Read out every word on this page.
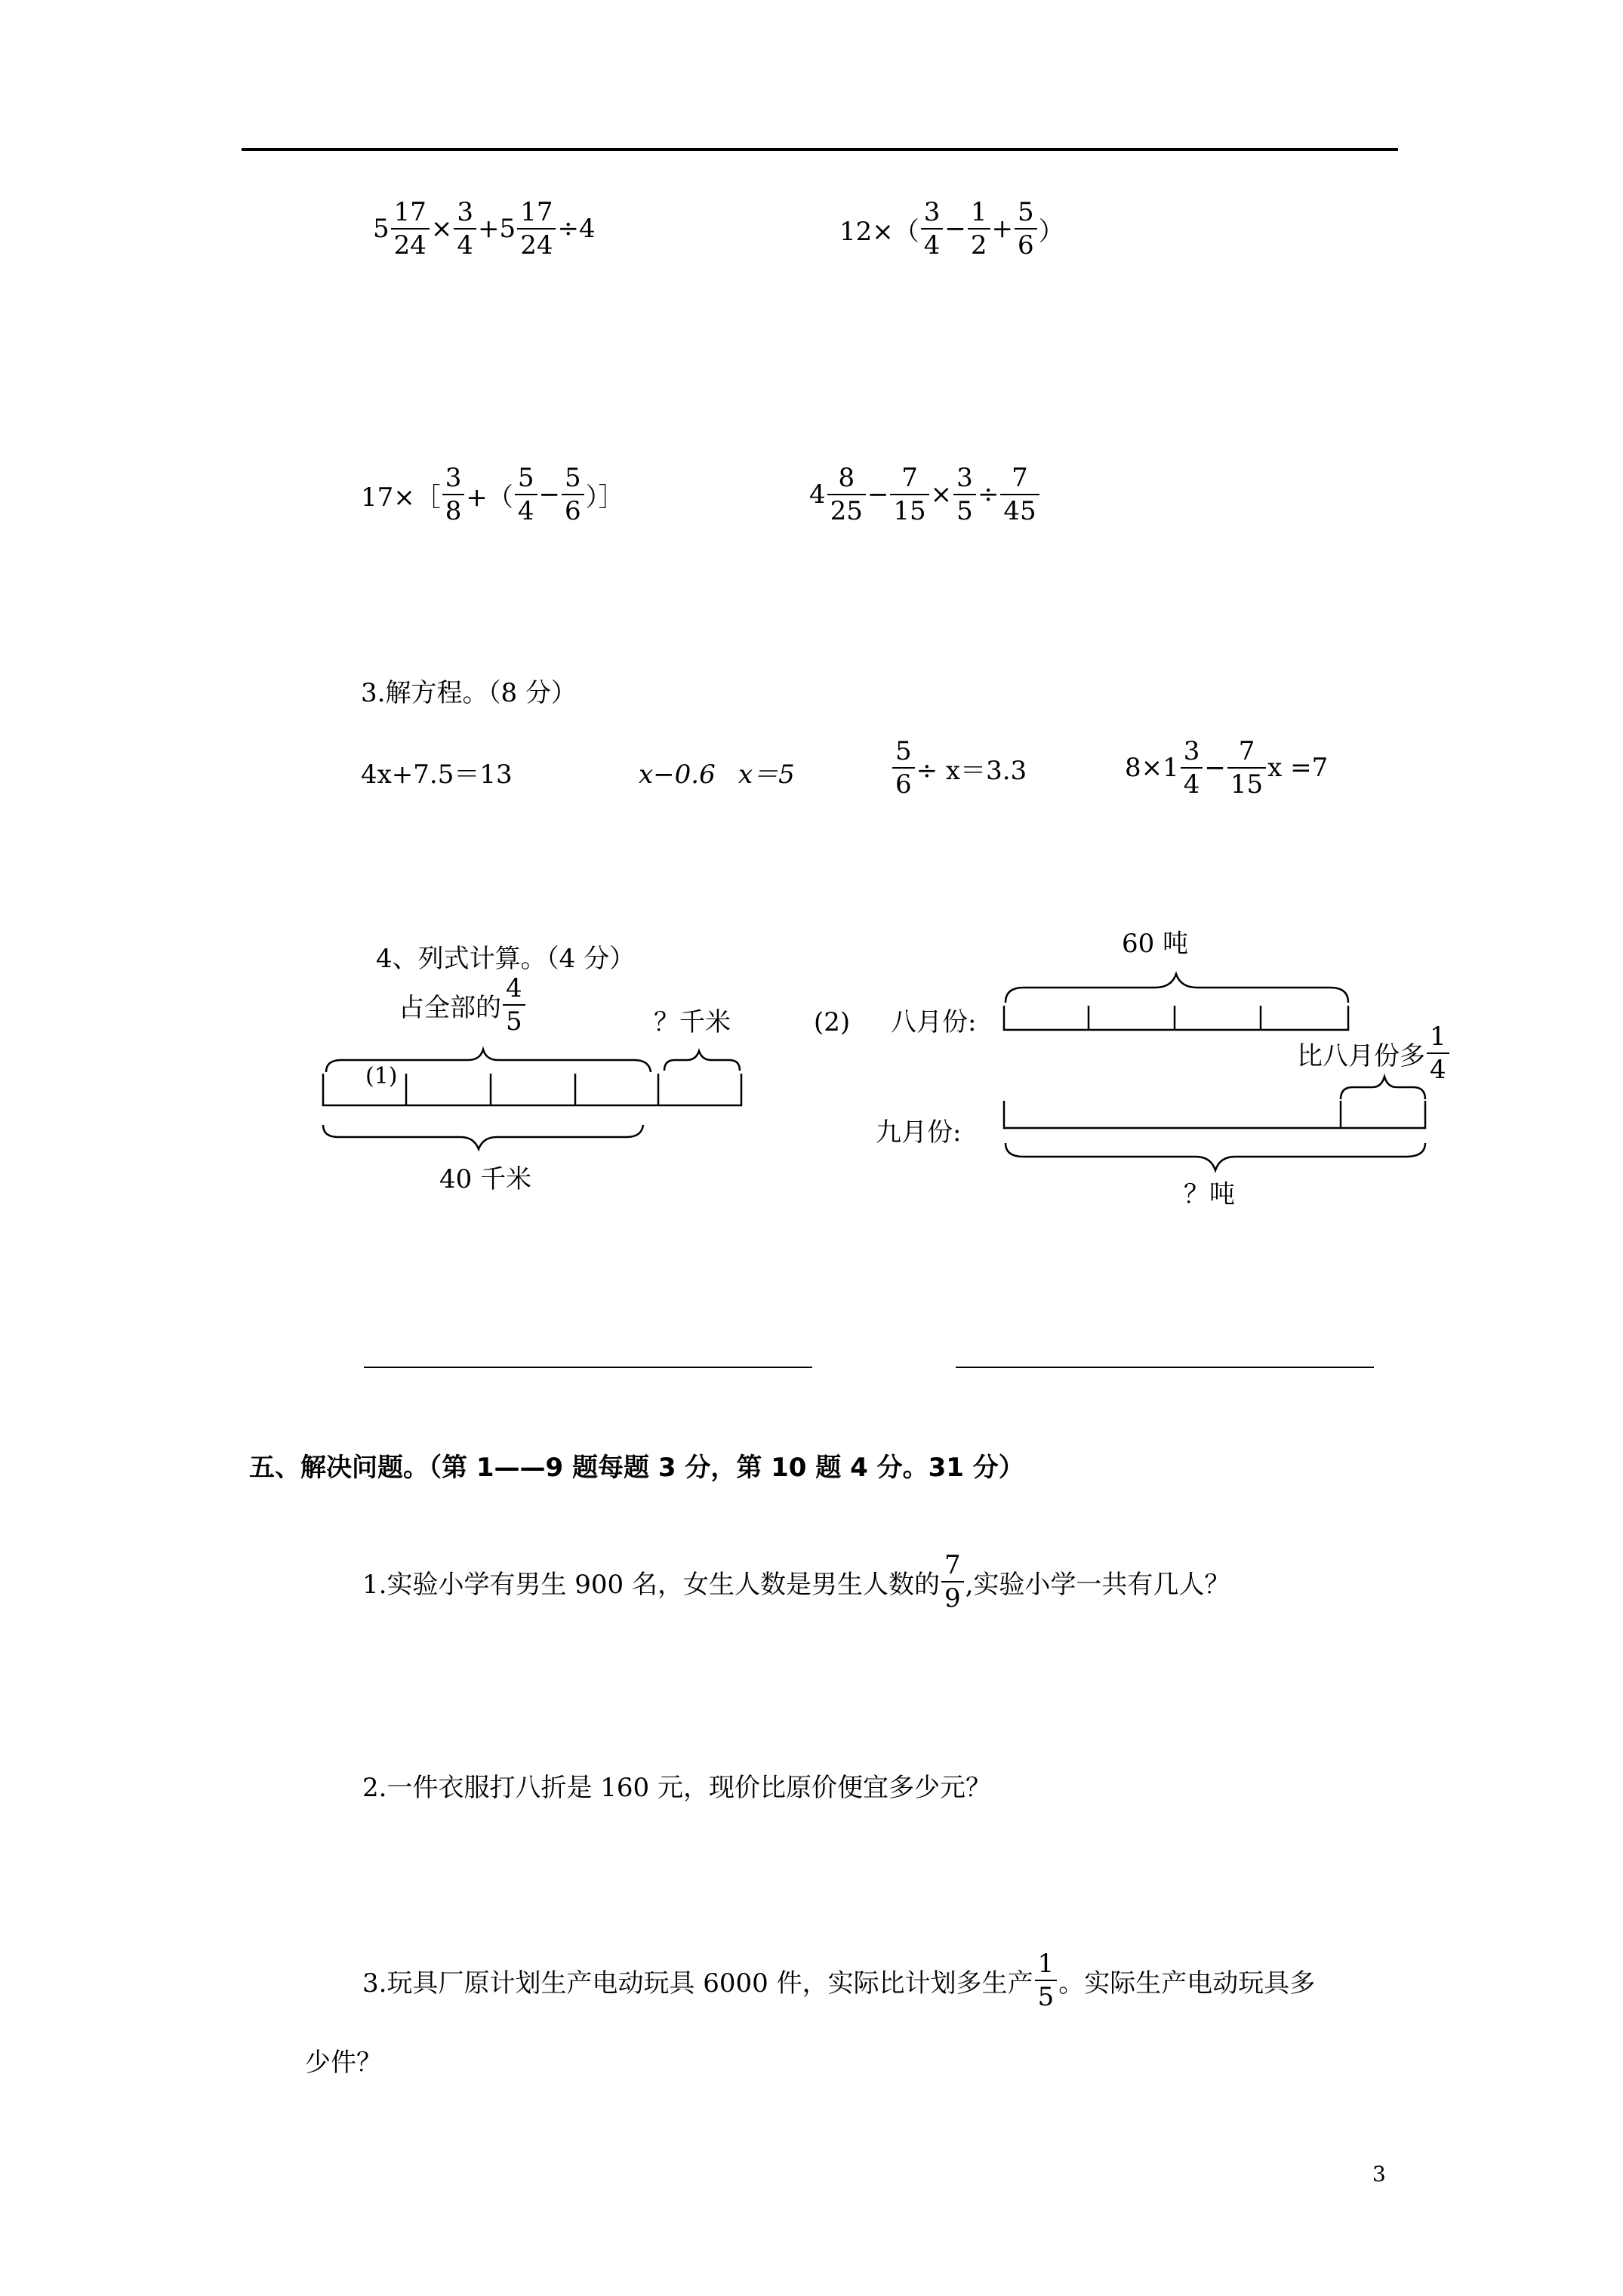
$5 \frac{17}{24} \times \frac{3}{4} + 5 \frac{17}{24} \div 4$	12×（
3
4
− $\frac{1}{2} + \frac{5}{6}$ ）
17×［
3
8 +（
5
4
− $\frac{5}{6}$ ）］	4
8
25
− $\frac{7}{15} \times \frac{3}{5} \div \frac{7}{45}$
3.解方程。（8 分）
4x+7.5＝13	x−0.6 x＝5	$\frac{5}{6} \div x=3.3$	8×1
3
4
− $\frac{7}{15}$ x =7
4、列式计算。（4 分）
占全部的
4
5	？千米
(1)
40 千米
(2)
60 吨
八月份:
比八月份多
1
4
九月份:
？吨
五、解决问题。（第 1——9 题每题 3 分，第 10 题 4 分。31 分）
1.实验小学有男生 900 名，女生人数是男生人数的
7
9 ,实验小学一共有几人？
2.一件衣服打八折是 160 元，现价比原价便宜多少元？
3.玩具厂原计划生产电动玩具 6000 件，实际比计划多生产
1
5 。实际生产电动玩具多
少件？
3
